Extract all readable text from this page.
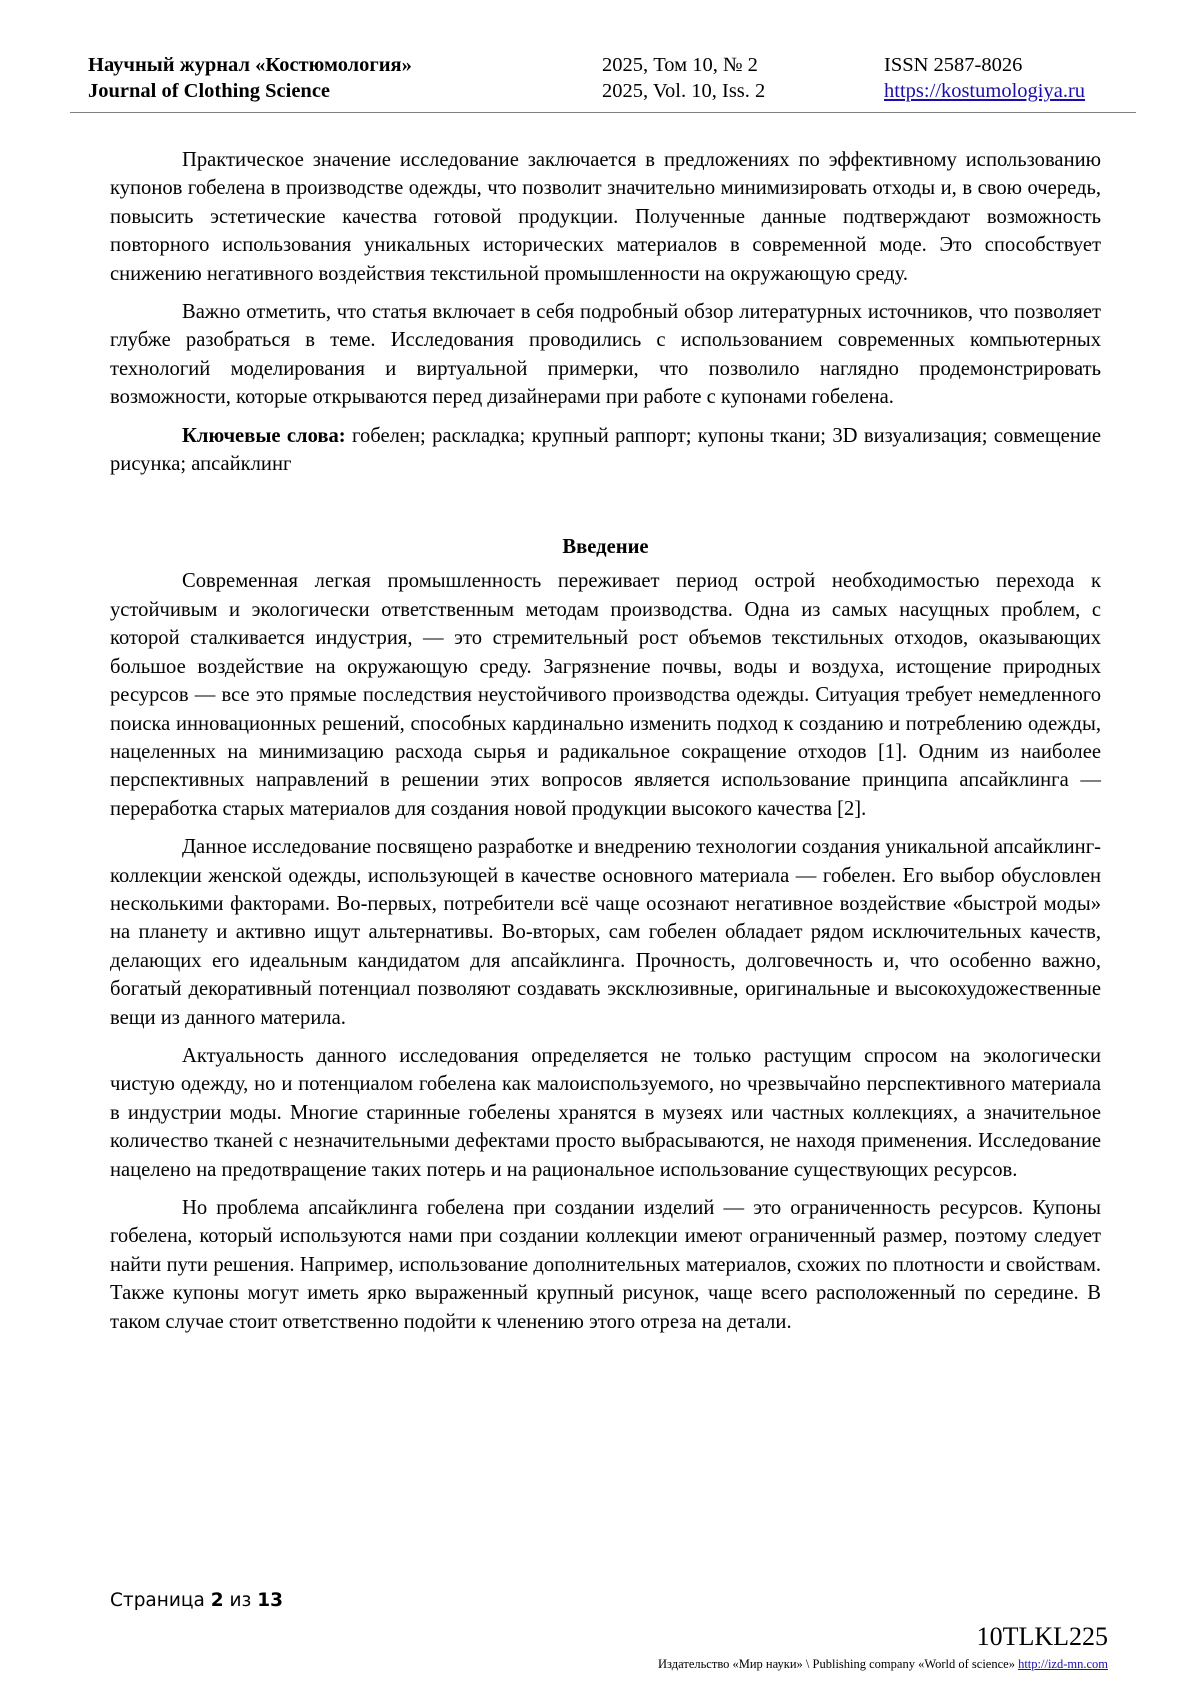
Научный журнал «Костюмология»
Journal of Clothing Science
2025, Том 10, № 2
2025, Vol. 10, Iss. 2
ISSN 2587-8026
https://kostumologiya.ru

Практическое значение исследование заключается в предложениях по эффективному использованию купонов гобелена в производстве одежды, что позволит значительно минимизировать отходы и, в свою очередь, повысить эстетические качества готовой продукции. Полученные данные подтверждают возможность повторного использования уникальных исторических материалов в современной моде. Это способствует снижению негативного воздействия текстильной промышленности на окружающую среду.

Важно отметить, что статья включает в себя подробный обзор литературных источников, что позволяет глубже разобраться в теме. Исследования проводились с использованием современных компьютерных технологий моделирования и виртуальной примерки, что позволило наглядно продемонстрировать возможности, которые открываются перед дизайнерами при работе с купонами гобелена.

Ключевые слова: гобелен; раскладка; крупный раппорт; купоны ткани; 3D визуализация; совмещение рисунка; апсайклинг

Введение

Современная легкая промышленность переживает период острой необходимостью перехода к устойчивым и экологически ответственным методам производства. Одна из самых насущных проблем, с которой сталкивается индустрия, — это стремительный рост объемов текстильных отходов, оказывающих большое воздействие на окружающую среду. Загрязнение почвы, воды и воздуха, истощение природных ресурсов — все это прямые последствия неустойчивого производства одежды. Ситуация требует немедленного поиска инновационных решений, способных кардинально изменить подход к созданию и потреблению одежды, нацеленных на минимизацию расхода сырья и радикальное сокращение отходов [1]. Одним из наиболее перспективных направлений в решении этих вопросов является использование принципа апсайклинга — переработка старых материалов для создания новой продукции высокого качества [2].

Данное исследование посвящено разработке и внедрению технологии создания уникальной апсайклинг-коллекции женской одежды, использующей в качестве основного материала — гобелен. Его выбор обусловлен несколькими факторами. Во-первых, потребители всё чаще осознают негативное воздействие «быстрой моды» на планету и активно ищут альтернативы. Во-вторых, сам гобелен обладает рядом исключительных качеств, делающих его идеальным кандидатом для апсайклинга. Прочность, долговечность и, что особенно важно, богатый декоративный потенциал позволяют создавать эксклюзивные, оригинальные и высокохудожественные вещи из данного материла.

Актуальность данного исследования определяется не только растущим спросом на экологически чистую одежду, но и потенциалом гобелена как малоиспользуемого, но чрезвычайно перспективного материала в индустрии моды. Многие старинные гобелены хранятся в музеях или частных коллекциях, а значительное количество тканей с незначительными дефектами просто выбрасываются, не находя применения. Исследование нацелено на предотвращение таких потерь и на рациональное использование существующих ресурсов.

Но проблема апсайклинга гобелена при создании изделий — это ограниченность ресурсов. Купоны гобелена, который используются нами при создании коллекции имеют ограниченный размер, поэтому следует найти пути решения. Например, использование дополнительных материалов, схожих по плотности и свойствам. Также купоны могут иметь ярко выраженный крупный рисунок, чаще всего расположенный по середине. В таком случае стоит ответственно подойти к членению этого отреза на детали.

Страница 2 из 13
10TLKL225
Издательство «Мир науки» \ Publishing company «World of science» http://izd-mn.com
